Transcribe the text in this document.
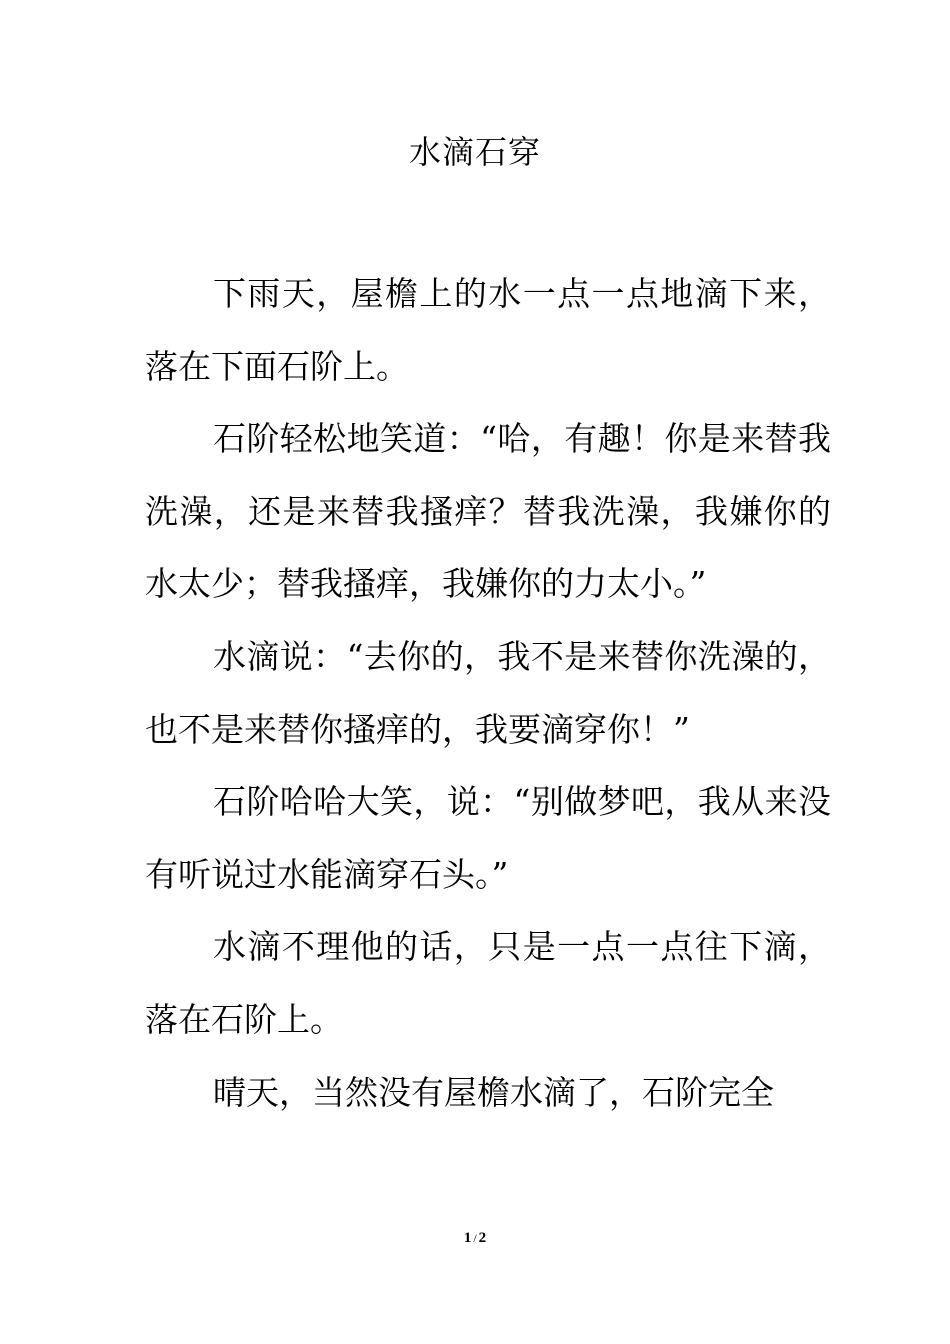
水滴石穿

下雨天，屋檐上的水一点一点地滴下来，落在下面石阶上。

石阶轻松地笑道：“哈，有趣！你是来替我洗澡，还是来替我搔痒？替我洗澡，我嫌你的水太少；替我搔痒，我嫌你的力太小。”

水滴说：“去你的，我不是来替你洗澡的，也不是来替你搔痒的，我要滴穿你！”

石阶哈哈大笑，说：“别做梦吧，我从来没有听说过水能滴穿石头。”

水滴不理他的话，只是一点一点往下滴，落在石阶上。

晴天，当然没有屋檐水滴了，石阶完全

1 / 2
